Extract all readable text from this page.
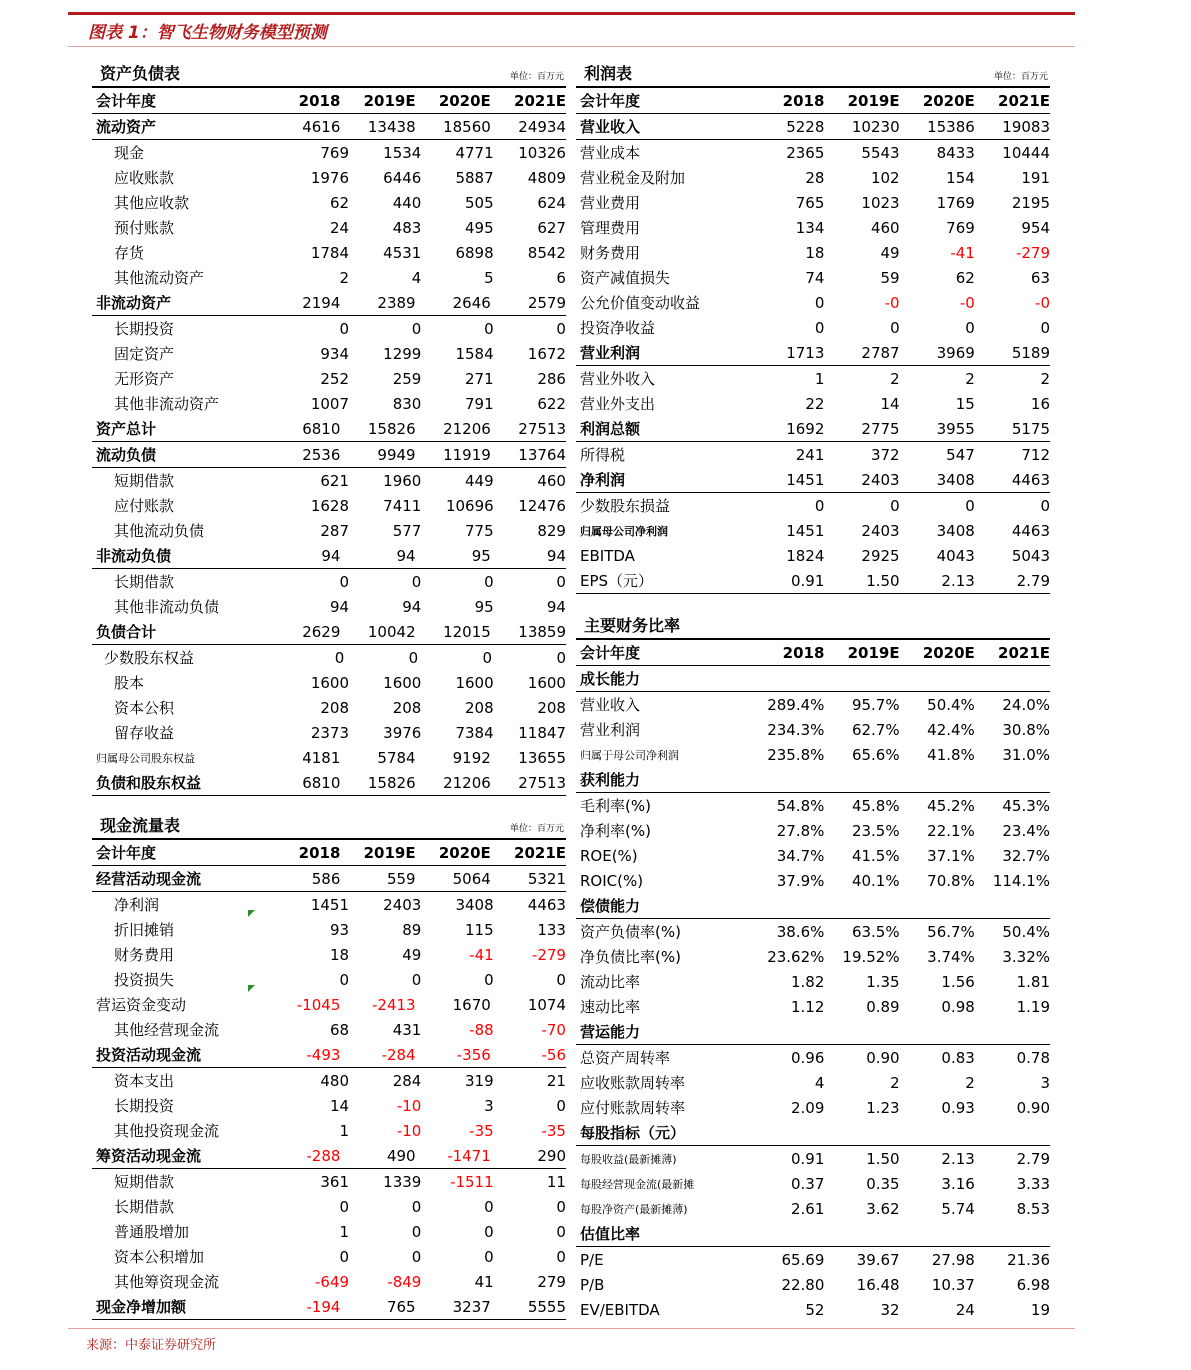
图表 1：智飞生物财务模型预测
资产负债表	单位：百万元
会计年度	2018	2019E	2020E	2021E
流动资产	4616	13438	18560	24934
现金	769	1534	4771	10326
应收账款	1976	6446	5887	4809
其他应收款	62	440	505	624
预付账款	24	483	495	627
存货	1784	4531	6898	8542
其他流动资产	2	4	5	6
非流动资产	2194	2389	2646	2579
长期投资	0	0	0	0
固定资产	934	1299	1584	1672
无形资产	252	259	271	286
其他非流动资产	1007	830	791	622
资产总计	6810	15826	21206	27513
流动负债	2536	9949	11919	13764
短期借款	621	1960	449	460
应付账款	1628	7411	10696	12476
其他流动负债	287	577	775	829
非流动负债	94	94	95	94
长期借款	0	0	0	0
其他非流动负债	94	94	95	94
负债合计	2629	10042	12015	13859
少数股东权益	0	0	0	0
股本	1600	1600	1600	1600
资本公积	208	208	208	208
留存收益	2373	3976	7384	11847
归属母公司股东权益	4181	5784	9192	13655
负债和股东权益	6810	15826	21206	27513
利润表	单位：百万元
会计年度	2018	2019E	2020E	2021E
营业收入	5228	10230	15386	19083
营业成本	2365	5543	8433	10444
营业税金及附加	28	102	154	191
营业费用	765	1023	1769	2195
管理费用	134	460	769	954
财务费用	18	49	-41	-279
资产减值损失	74	59	62	63
公允价值变动收益	0	-0	-0	-0
投资净收益	0	0	0	0
营业利润	1713	2787	3969	5189
营业外收入	1	2	2	2
营业外支出	22	14	15	16
利润总额	1692	2775	3955	5175
所得税	241	372	547	712
净利润	1451	2403	3408	4463
少数股东损益	0	0	0	0
归属母公司净利润	1451	2403	3408	4463
EBITDA	1824	2925	4043	5043
EPS（元）	0.91	1.50	2.13	2.79
主要财务比率
会计年度	2018	2019E	2020E	2021E
成长能力
营业收入	289.4%	95.7%	50.4%	24.0%
营业利润	234.3%	62.7%	42.4%	30.8%
归属于母公司净利润	235.8%	65.6%	41.8%	31.0%
获利能力
毛利率(%)	54.8%	45.8%	45.2%	45.3%
净利率(%)	27.8%	23.5%	22.1%	23.4%
ROE(%)	34.7%	41.5%	37.1%	32.7%
ROIC(%)	37.9%	40.1%	70.8%	114.1%
偿债能力
资产负债率(%)	38.6%	63.5%	56.7%	50.4%
净负债比率(%)	23.62%	19.52%	3.74%	3.32%
流动比率	1.82	1.35	1.56	1.81
速动比率	1.12	0.89	0.98	1.19
营运能力
总资产周转率	0.96	0.90	0.83	0.78
应收账款周转率	4	2	2	3
应付账款周转率	2.09	1.23	0.93	0.90
每股指标（元）
每股收益(最新摊薄)	0.91	1.50	2.13	2.79
每股经营现金流(最新摊	0.37	0.35	3.16	3.33
每股净资产(最新摊薄)	2.61	3.62	5.74	8.53
估值比率
P/E	65.69	39.67	27.98	21.36
P/B	22.80	16.48	10.37	6.98
EV/EBITDA	52	32	24	19
现金流量表	单位：百万元
会计年度	2018	2019E	2020E	2021E
经营活动现金流	586	559	5064	5321
净利润	1451	2403	3408	4463
折旧摊销	93	89	115	133
财务费用	18	49	-41	-279
投资损失	0	0	0	0
营运资金变动	-1045	-2413	1670	1074
其他经营现金流	68	431	-88	-70
投资活动现金流	-493	-284	-356	-56
资本支出	480	284	319	21
长期投资	14	-10	3	0
其他投资现金流	1	-10	-35	-35
筹资活动现金流	-288	490	-1471	290
短期借款	361	1339	-1511	11
长期借款	0	0	0	0
普通股增加	1	0	0	0
资本公积增加	0	0	0	0
其他筹资现金流	-649	-849	41	279
现金净增加额	-194	765	3237	5555
来源：中泰证券研究所
